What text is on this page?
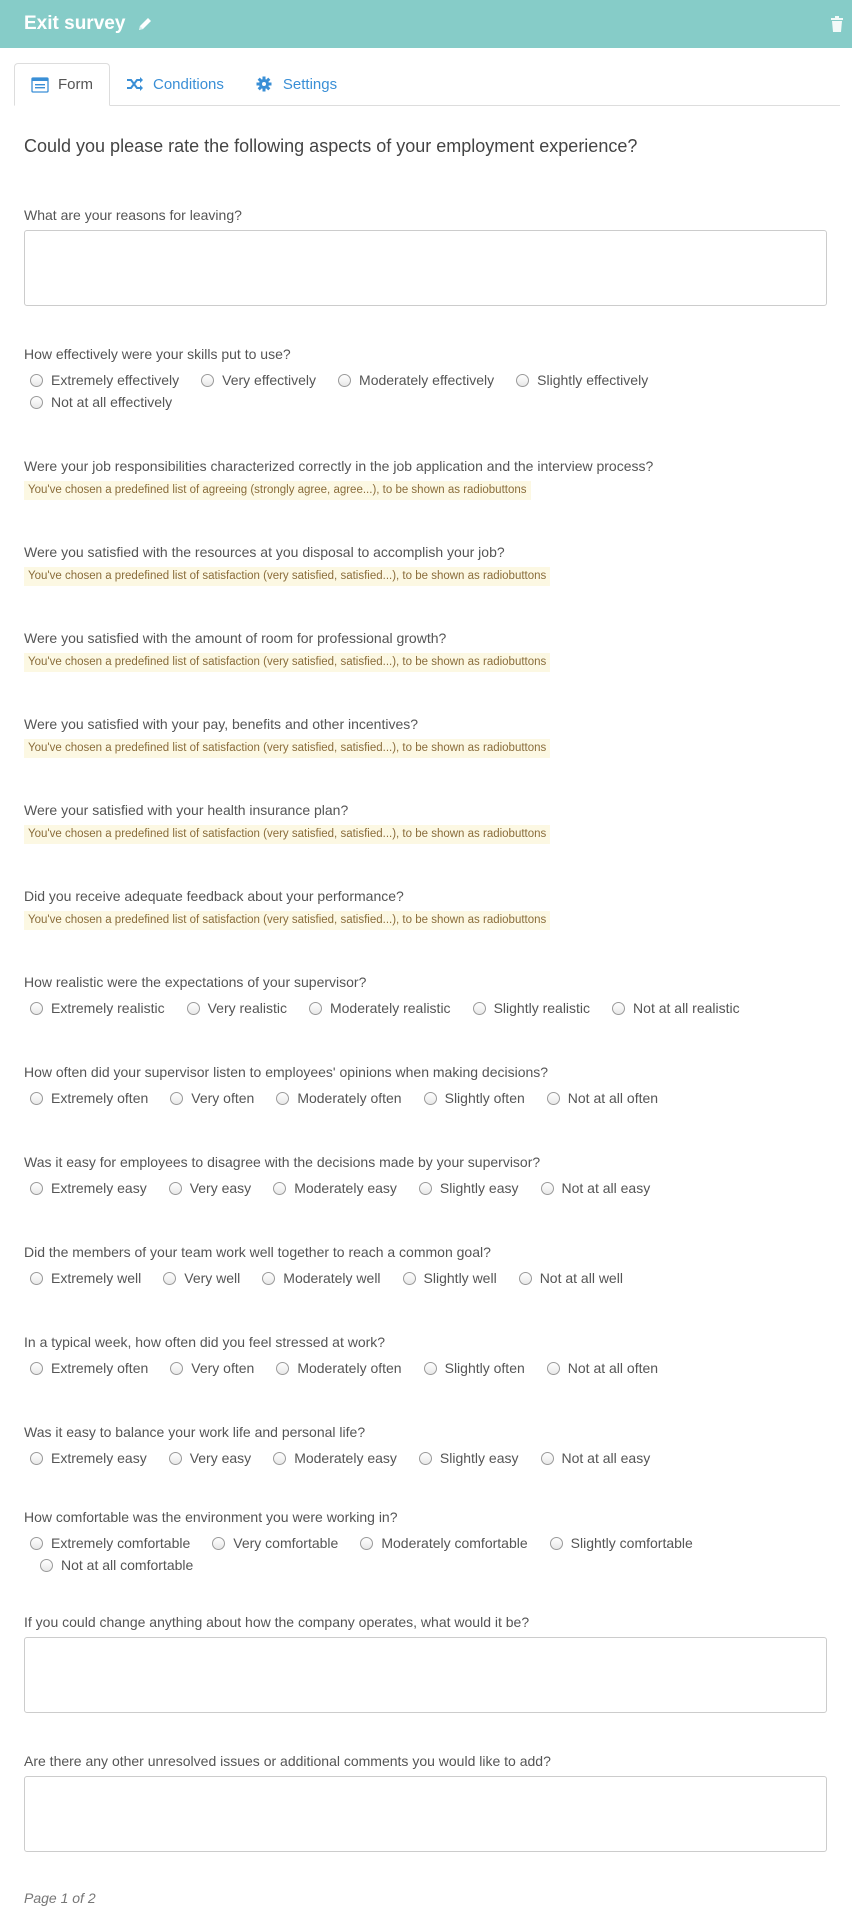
Exit survey
Form	Conditions	Settings
Could you please rate the following aspects of your employment experience?
What are your reasons for leaving?
How effectively were your skills put to use?
Extremely effectively	Very effectively	Moderately effectively	Slightly effectively
Not at all effectively
Were your job responsibilities characterized correctly in the job application and the interview process?
You've chosen a predefined list of agreeing (strongly agree, agree...), to be shown as radiobuttons
Were you satisfied with the resources at you disposal to accomplish your job?
You've chosen a predefined list of satisfaction (very satisfied, satisfied...), to be shown as radiobuttons
Were you satisfied with the amount of room for professional growth?
You've chosen a predefined list of satisfaction (very satisfied, satisfied...), to be shown as radiobuttons
Were you satisfied with your pay, benefits and other incentives?
You've chosen a predefined list of satisfaction (very satisfied, satisfied...), to be shown as radiobuttons
Were your satisfied with your health insurance plan?
You've chosen a predefined list of satisfaction (very satisfied, satisfied...), to be shown as radiobuttons
Did you receive adequate feedback about your performance?
You've chosen a predefined list of satisfaction (very satisfied, satisfied...), to be shown as radiobuttons
How realistic were the expectations of your supervisor?
Extremely realistic	Very realistic	Moderately realistic	Slightly realistic	Not at all realistic
How often did your supervisor listen to employees' opinions when making decisions?
Extremely often	Very often	Moderately often	Slightly often	Not at all often
Was it easy for employees to disagree with the decisions made by your supervisor?
Extremely easy	Very easy	Moderately easy	Slightly easy	Not at all easy
Did the members of your team work well together to reach a common goal?
Extremely well	Very well	Moderately well	Slightly well	Not at all well
In a typical week, how often did you feel stressed at work?
Extremely often	Very often	Moderately often	Slightly often	Not at all often
Was it easy to balance your work life and personal life?
Extremely easy	Very easy	Moderately easy	Slightly easy	Not at all easy
How comfortable was the environment you were working in?
Extremely comfortable	Very comfortable	Moderately comfortable	Slightly comfortable
Not at all comfortable
If you could change anything about how the company operates, what would it be?
Are there any other unresolved issues or additional comments you would like to add?
Page 1 of 2
